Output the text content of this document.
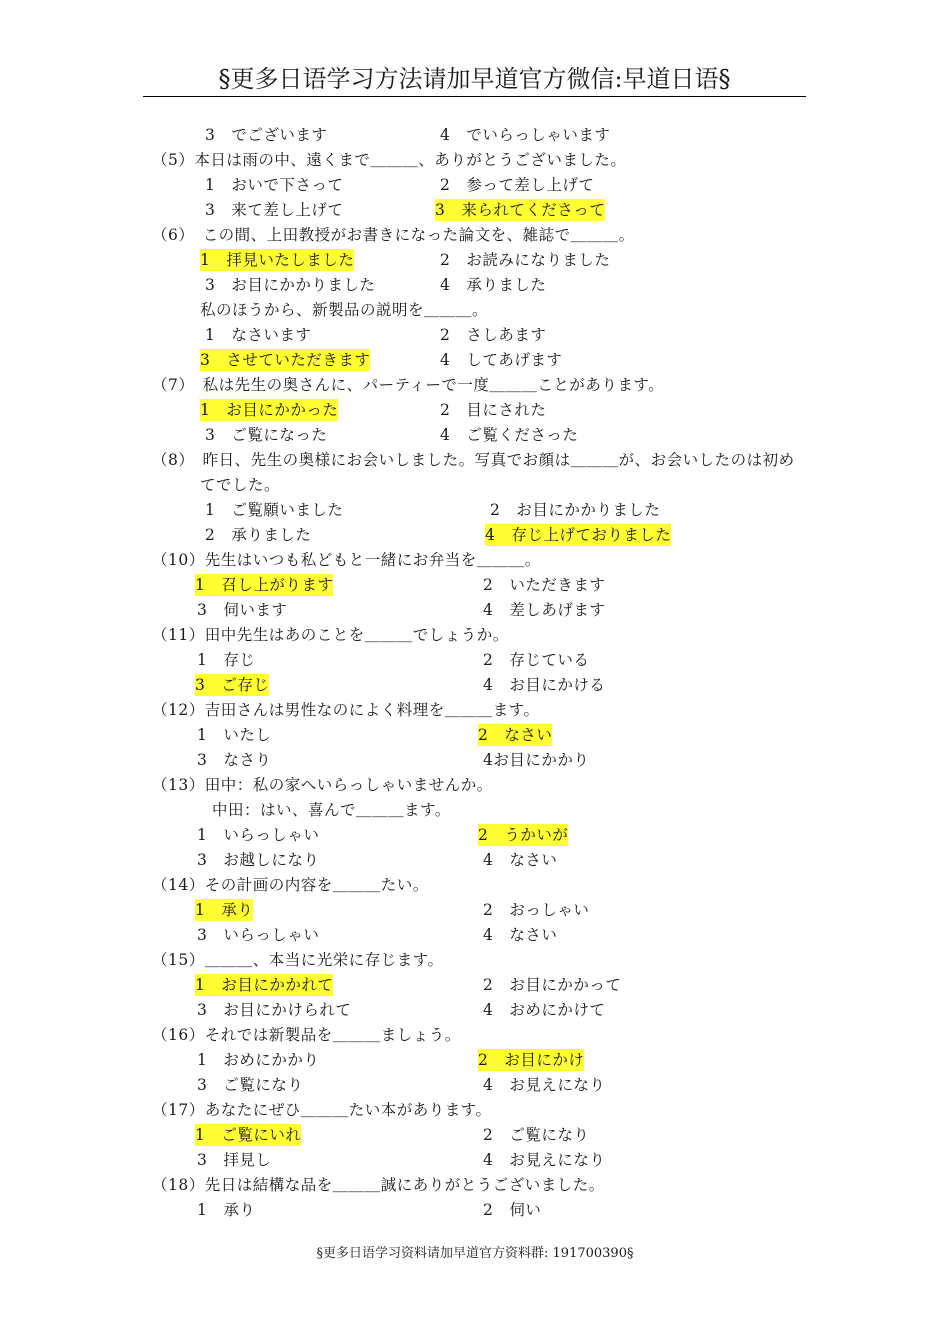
§更多日语学习方法请加早道官方微信:早道日语§
3　でございます	4　でいらっしゃいます
（5）本日は雨の中、遠くまで＿＿＿、ありがとうございました。
1　おいで下さって	2　参って差し上げて
3　来て差し上げて	3　来られてくださって
（6）　この間、上田教授がお書きになった論文を、雑誌で＿＿＿。
1　拝見いたしました	2　お読みになりました
3　お目にかかりました	4　承りました
私のほうから、新製品の説明を＿＿＿。
1　なさいます	2　さしあます
3　させていただきます	4　してあげます
（7）　私は先生の奥さんに、パーティーで一度＿＿＿ことがあります。
1　お目にかかった	2　目にされた
3　ご覧になった	4　ご覧くださった
（8）　昨日、先生の奥様にお会いしました。写真でお顔は＿＿＿が、お会いしたのは初め
てでした。
1　ご覧願いました	2　お目にかかりました
2　承りました	4　存じ上げておりました
（10）先生はいつも私どもと一緒にお弁当を＿＿＿。
1　召し上がります	2　いただきます
3　伺います	4　差しあげます
（11）田中先生はあのことを＿＿＿でしょうか。
1　存じ	2　存じている
3　ご存じ	4　お目にかける
（12）吉田さんは男性なのによく料理を＿＿＿ます。
1　いたし	2　なさい
3　なさり	4お目にかかり
（13）田中：私の家へいらっしゃいませんか。
中田：はい、喜んで＿＿＿ます。
1　いらっしゃい	2　うかいが
3　お越しになり	4　なさい
（14）その計画の内容を＿＿＿たい。
1　承り	2　おっしゃい
3　いらっしゃい	4　なさい
（15）＿＿＿、本当に光栄に存じます。
1　お目にかかれて	2　お目にかかって
3　お目にかけられて	4　おめにかけて
（16）それでは新製品を＿＿＿ましょう。
1　おめにかかり	2　お目にかけ
3　ご覧になり	4　お見えになり
（17）あなたにぜひ＿＿＿たい本があります。
1　ご覧にいれ	2　ご覧になり
3　拝見し	4　お見えになり
（18）先日は結構な品を＿＿＿誠にありがとうございました。
1　承り	2　伺い
§更多日语学习资料请加早道官方资料群: 191700390§
